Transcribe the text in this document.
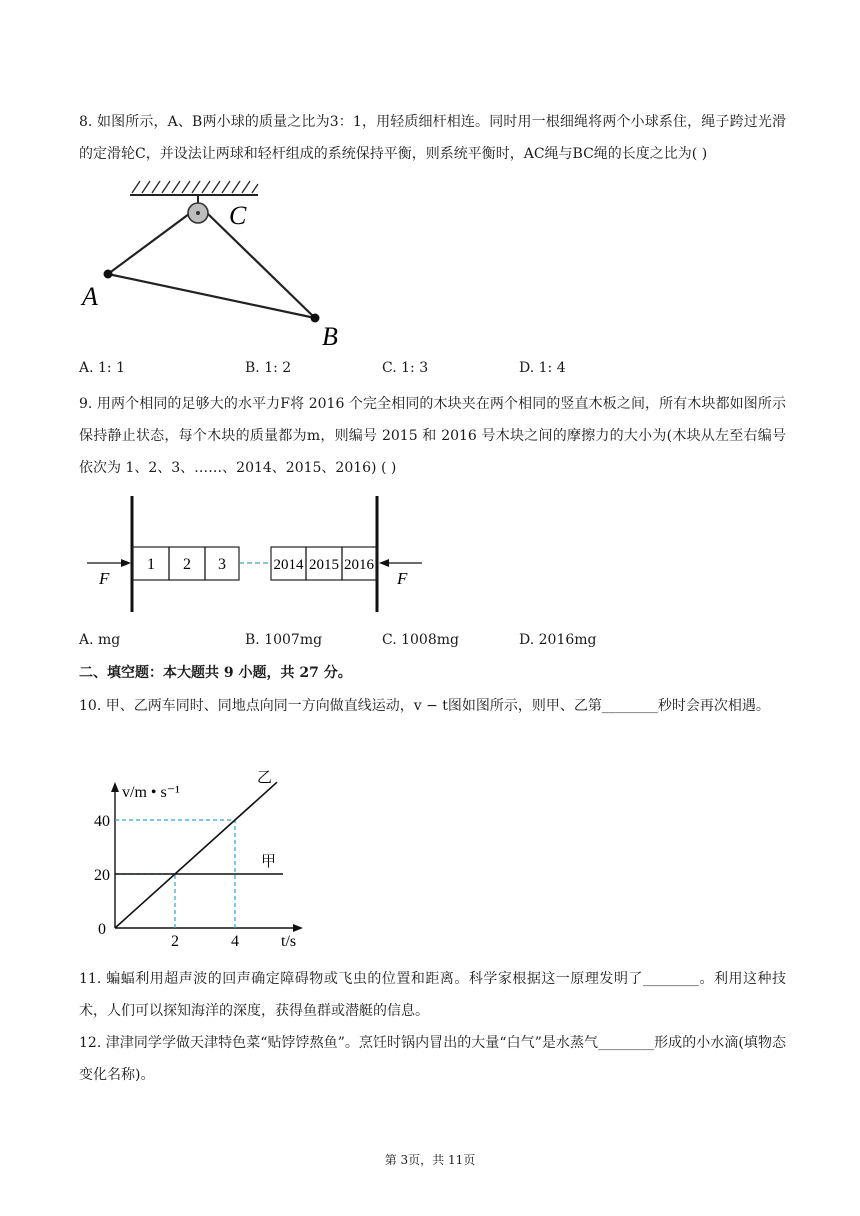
8. 如图所示，A、B两小球的质量之比为3：1，用轻质细杆相连。同时用一根细绳将两个小球系住，绳子跨过光滑的定滑轮C，并设法让两球和轻杆组成的系统保持平衡，则系统平衡时，AC绳与BC绳的长度之比为( )
A
C
B
A. 1: 1	B. 1: 2	C. 1: 3	D. 1: 4
9. 用两个相同的足够大的水平力F将 2016 个完全相同的木块夹在两个相同的竖直木板之间，所有木块都如图所示保持静止状态，每个木块的质量都为m，则编号 2015 和 2016 号木块之间的摩擦力的大小为(木块从左至右编号依次为 1、2、3、……、2014、2015、2016) ( )
1 2 3	2014 2015 2016
F	F
A. mg	B. 1007mg	C. 1008mg	D. 2016mg
二、填空题：本大题共 9 小题，共 27 分。
10. 甲、乙两车同时、同地点向同一方向做直线运动，v − t图如图所示，则甲、乙第________秒时会再次相遇。
v/m • s⁻¹
t/s
0
甲
乙
2	4
20
40
11. 蝙蝠利用超声波的回声确定障碍物或飞虫的位置和距离。科学家根据这一原理发明了________。利用这种技术，人们可以探知海洋的深度，获得鱼群或潜艇的信息。
12. 津津同学学做天津特色菜“贴饽饽熬鱼”。烹饪时锅内冒出的大量“白气”是水蒸气________形成的小水滴(填物态变化名称)。
第 3页，共 11页
